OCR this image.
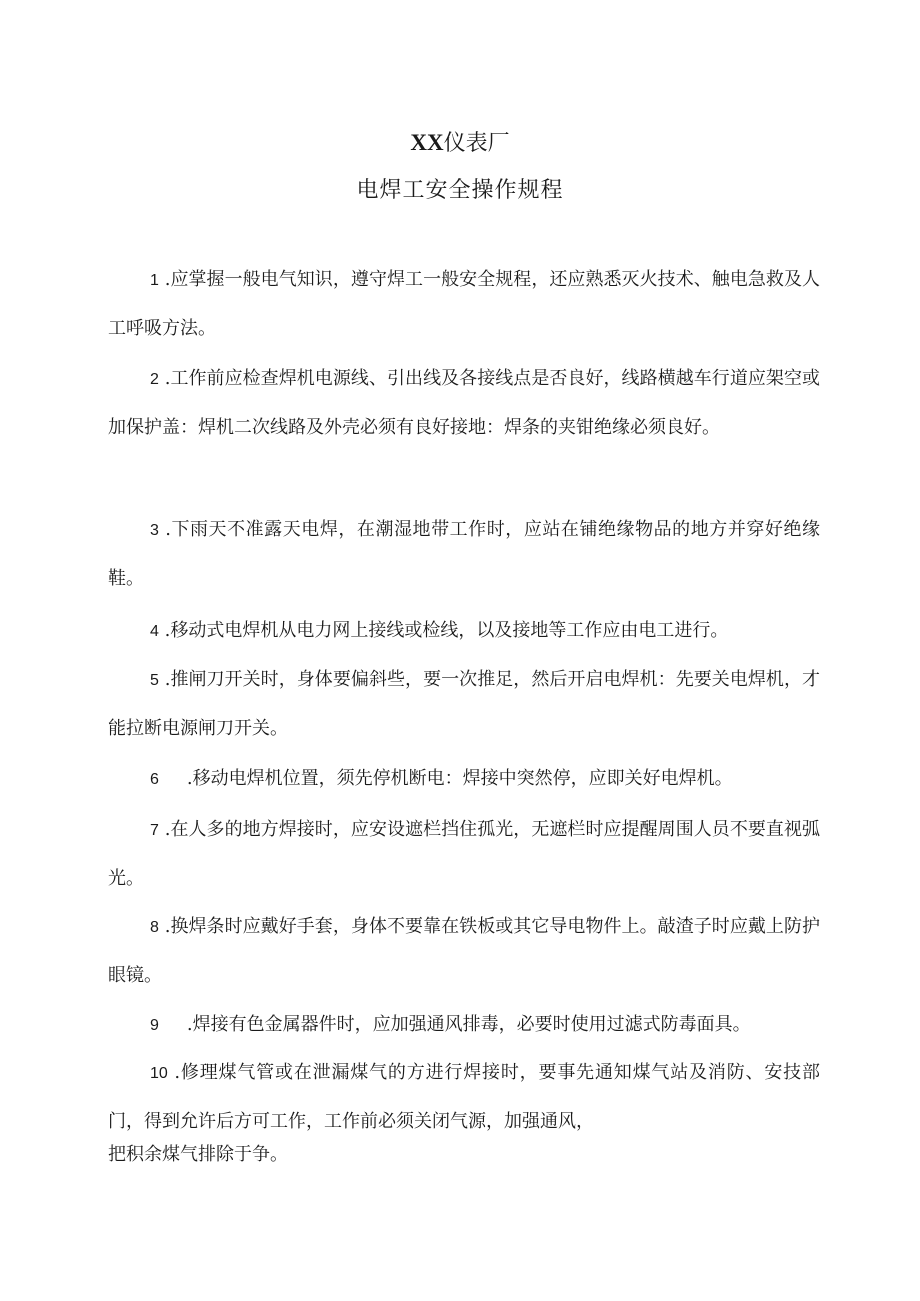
XX仪表厂
电焊工安全操作规程

1 .应掌握一般电气知识，遵守焊工一般安全规程，还应熟悉灭火技术、触电急救及人工呼吸方法。

2 .工作前应检查焊机电源线、引出线及各接线点是否良好，线路横越车行道应架空或加保护盖：焊机二次线路及外壳必须有良好接地：焊条的夹钳绝缘必须良好。

3 .下雨天不准露天电焊，在潮湿地带工作时，应站在铺绝缘物品的地方并穿好绝缘鞋。

4 .移动式电焊机从电力网上接线或检线，以及接地等工作应由电工进行。

5 .推闸刀开关时，身体要偏斜些，要一次推足，然后开启电焊机：先要关电焊机，才能拉断电源闸刀开关。

6 .移动电焊机位置，须先停机断电：焊接中突然停，应即关好电焊机。

7 .在人多的地方焊接时，应安设遮栏挡住孤光，无遮栏时应提醒周围人员不要直视弧光。

8 .换焊条时应戴好手套，身体不要靠在铁板或其它导电物件上。敲渣子时应戴上防护眼镜。

9 .焊接有色金属器件时，应加强通风排毒，必要时使用过滤式防毒面具。

10 .修理煤气管或在泄漏煤气的方进行焊接时，要事先通知煤气站及消防、安技部门，得到允许后方可工作，工作前必须关闭气源，加强通风，
把积余煤气排除于争。
